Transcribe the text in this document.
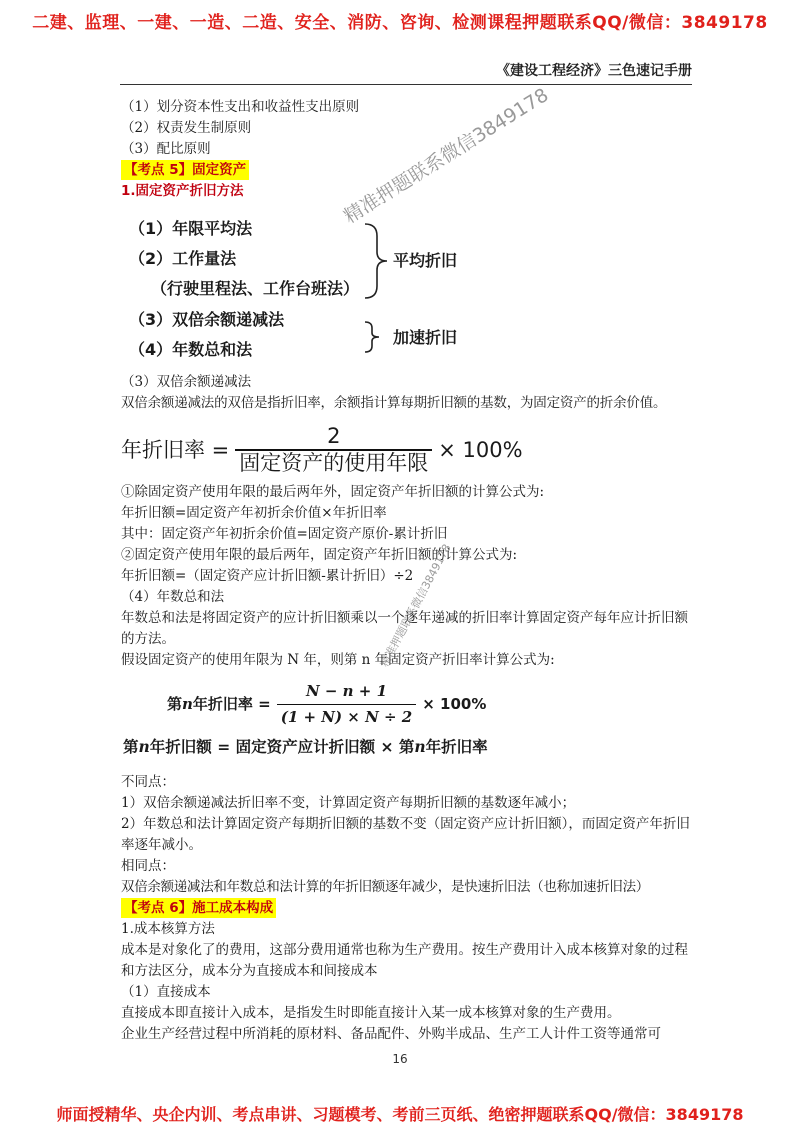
二建、监理、一建、一造、二造、安全、消防、咨询、检测课程押题联系QQ/微信：3849178
《建设工程经济》三色速记手册
（1）划分资本性支出和收益性支出原则
（2）权责发生制原则
（3）配比原则
【考点 5】固定资产
1.固定资产折旧方法
（1）年限平均法
（2）工作量法
（行驶里程法、工作台班法）
（3）双倍余额递减法
（4）年数总和法
平均折旧
加速折旧
（3）双倍余额递减法
双倍余额递减法的双倍是指折旧率，余额指计算每期折旧额的基数，为固定资产的折余价值。
年折旧率 = $\frac{2}{\text{固定资产的使用年限}} \times 100\%$
①除固定资产使用年限的最后两年外，固定资产年折旧额的计算公式为:
年折旧额=固定资产年初折余价值×年折旧率
其中：固定资产年初折余价值=固定资产原价-累计折旧
②固定资产使用年限的最后两年，固定资产年折旧额的计算公式为:
年折旧额=（固定资产应计折旧额-累计折旧）÷2
（4）年数总和法
年数总和法是将固定资产的应计折旧额乘以一个逐年递减的折旧率计算固定资产每年应计折旧额的方法。
假设固定资产的使用年限为 N 年，则第 n 年固定资产折旧率计算公式为:
第 n 年折旧率 = $\frac{N - n + 1}{(1 + N) \times N \div 2} \times 100\%$
第n年折旧额 = 固定资产应计折旧额 × 第n年折旧率
不同点：
1）双倍余额递减法折旧率不变，计算固定资产每期折旧额的基数逐年减小；
2）年数总和法计算固定资产每期折旧额的基数不变（固定资产应计折旧额），而固定资产年折旧率逐年减小。
相同点：
双倍余额递减法和年数总和法计算的年折旧额逐年减少，是快速折旧法（也称加速折旧法）
【考点 6】施工成本构成
1.成本核算方法
成本是对象化了的费用，这部分费用通常也称为生产费用。按生产费用计入成本核算对象的过程和方法区分，成本分为直接成本和间接成本
（1）直接成本
直接成本即直接计入成本，是指发生时即能直接计入某一成本核算对象的生产费用。
企业生产经营过程中所消耗的原材料、备品配件、外购半成品、生产工人计件工资等通常可
精准押题联系微信3849178
精准押题联系微信3849178
16
师面授精华、央企内训、考点串讲、习题模考、考前三页纸、绝密押题联系QQ/微信：3849178
